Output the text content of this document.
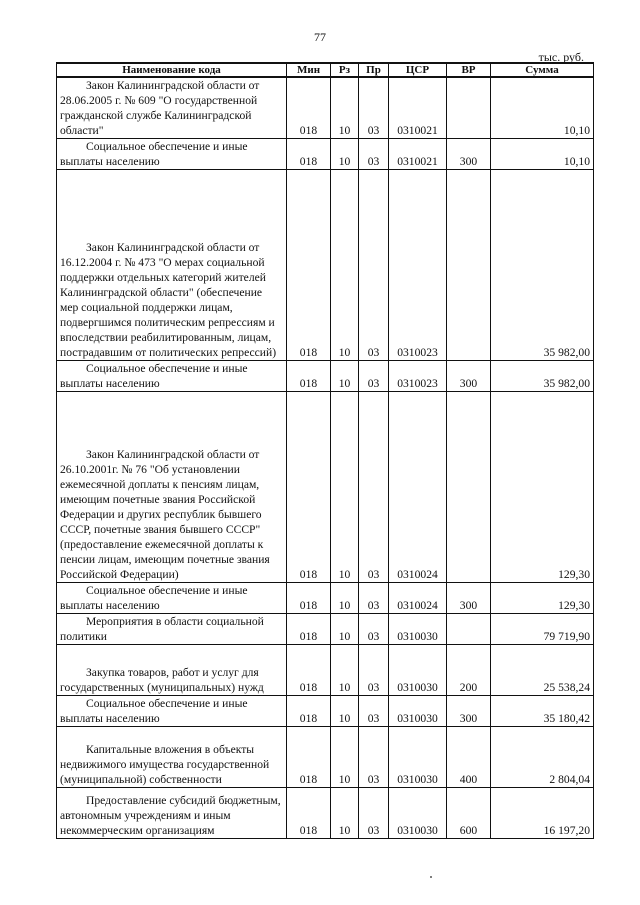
77
тыс. руб.
Наименование кода	Мин	Рз	Пр	ЦСР	ВР	Сумма
Закон Калининградской области от 28.06.2005 г. № 609 "О государственной гражданской службе Калининградской области"	018	10	03	0310021		10,10
Социальное обеспечение и иные выплаты населению	018	10	03	0310021	300	10,10
Закон Калининградской области от 16.12.2004 г. № 473 "О мерах социальной поддержки отдельных категорий жителей Калининградской области" (обеспечение мер социальной поддержки лицам, подвергшимся политическим репрессиям и впоследствии реабилитированным, лицам, пострадавшим от политических репрессий)	018	10	03	0310023		35 982,00
Социальное обеспечение и иные выплаты населению	018	10	03	0310023	300	35 982,00
Закон Калининградской области от 26.10.2001г. № 76 "Об установлении ежемесячной доплаты к пенсиям лицам, имеющим почетные звания Российской Федерации и других республик бывшего СССР, почетные звания бывшего СССР" (предоставление ежемесячной доплаты к пенсии лицам, имеющим почетные звания Российской Федерации)	018	10	03	0310024		129,30
Социальное обеспечение и иные выплаты населению	018	10	03	0310024	300	129,30
Мероприятия в области социальной политики	018	10	03	0310030		79 719,90
Закупка товаров, работ и услуг для государственных (муниципальных) нужд	018	10	03	0310030	200	25 538,24
Социальное обеспечение и иные выплаты населению	018	10	03	0310030	300	35 180,42
Капитальные вложения в объекты недвижимого имущества государственной (муниципальной) собственности	018	10	03	0310030	400	2 804,04
Предоставление субсидий бюджетным, автономным учреждениям и иным некоммерческим организациям	018	10	03	0310030	600	16 197,20
